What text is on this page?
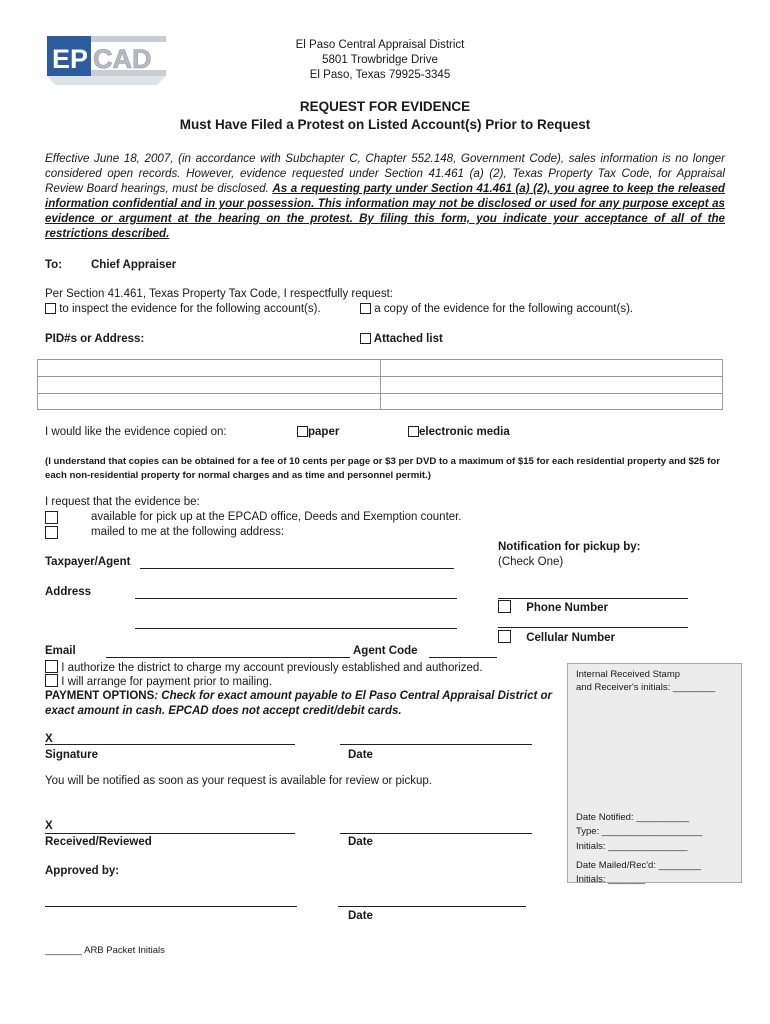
EP CAD	El Paso Central Appraisal District
5801 Trowbridge Drive
El Paso, Texas 79925-3345
REQUEST FOR EVIDENCE
Must Have Filed a Protest on Listed Account(s) Prior to Request
Effective June 18, 2007, (in accordance with Subchapter C, Chapter 552.148, Government Code), sales information is no longer considered open records. However, evidence requested under Section 41.461 (a) (2), Texas Property Tax Code, for Appraisal Review Board hearings, must be disclosed. As a requesting party under Section 41.461 (a) (2), you agree to keep the released information confidential and in your possession. This information may not be disclosed or used for any purpose except as evidence or argument at the hearing on the protest. By filing this form, you indicate your acceptance of all of the restrictions described.
To:	Chief Appraiser
Per Section 41.461, Texas Property Tax Code, I respectfully request:
to inspect the evidence for the following account(s).	a copy of the evidence for the following account(s).
PID#s or Address:	Attached list
I would like the evidence copied on:	paper	electronic media
(I understand that copies can be obtained for a fee of 10 cents per page or $3 per DVD to a maximum of $15 for each residential property and $25 for each non-residential property for normal charges and as time and personnel permit.)
I request that the evidence be:
available for pick up at the EPCAD office, Deeds and Exemption counter.
mailed to me at the following address:
Notification for pickup by:
(Check One)
Phone Number
Cellular Number
Taxpayer/Agent
Address
Email	Agent Code
I authorize the district to charge my account previously established and authorized.
I will arrange for payment prior to mailing.
PAYMENT OPTIONS: Check for exact amount payable to El Paso Central Appraisal District or exact amount in cash. EPCAD does not accept credit/debit cards.
X
Signature	Date
You will be notified as soon as your request is available for review or pickup.
X
Received/Reviewed	Date
Approved by:
Date
Internal Received Stamp
and Receiver's initials: ________
Date Notified: __________
Type: ___________________
Initials: _______________
Date Mailed/Rec'd: ________
Initials: _______
_______ ARB Packet Initials
